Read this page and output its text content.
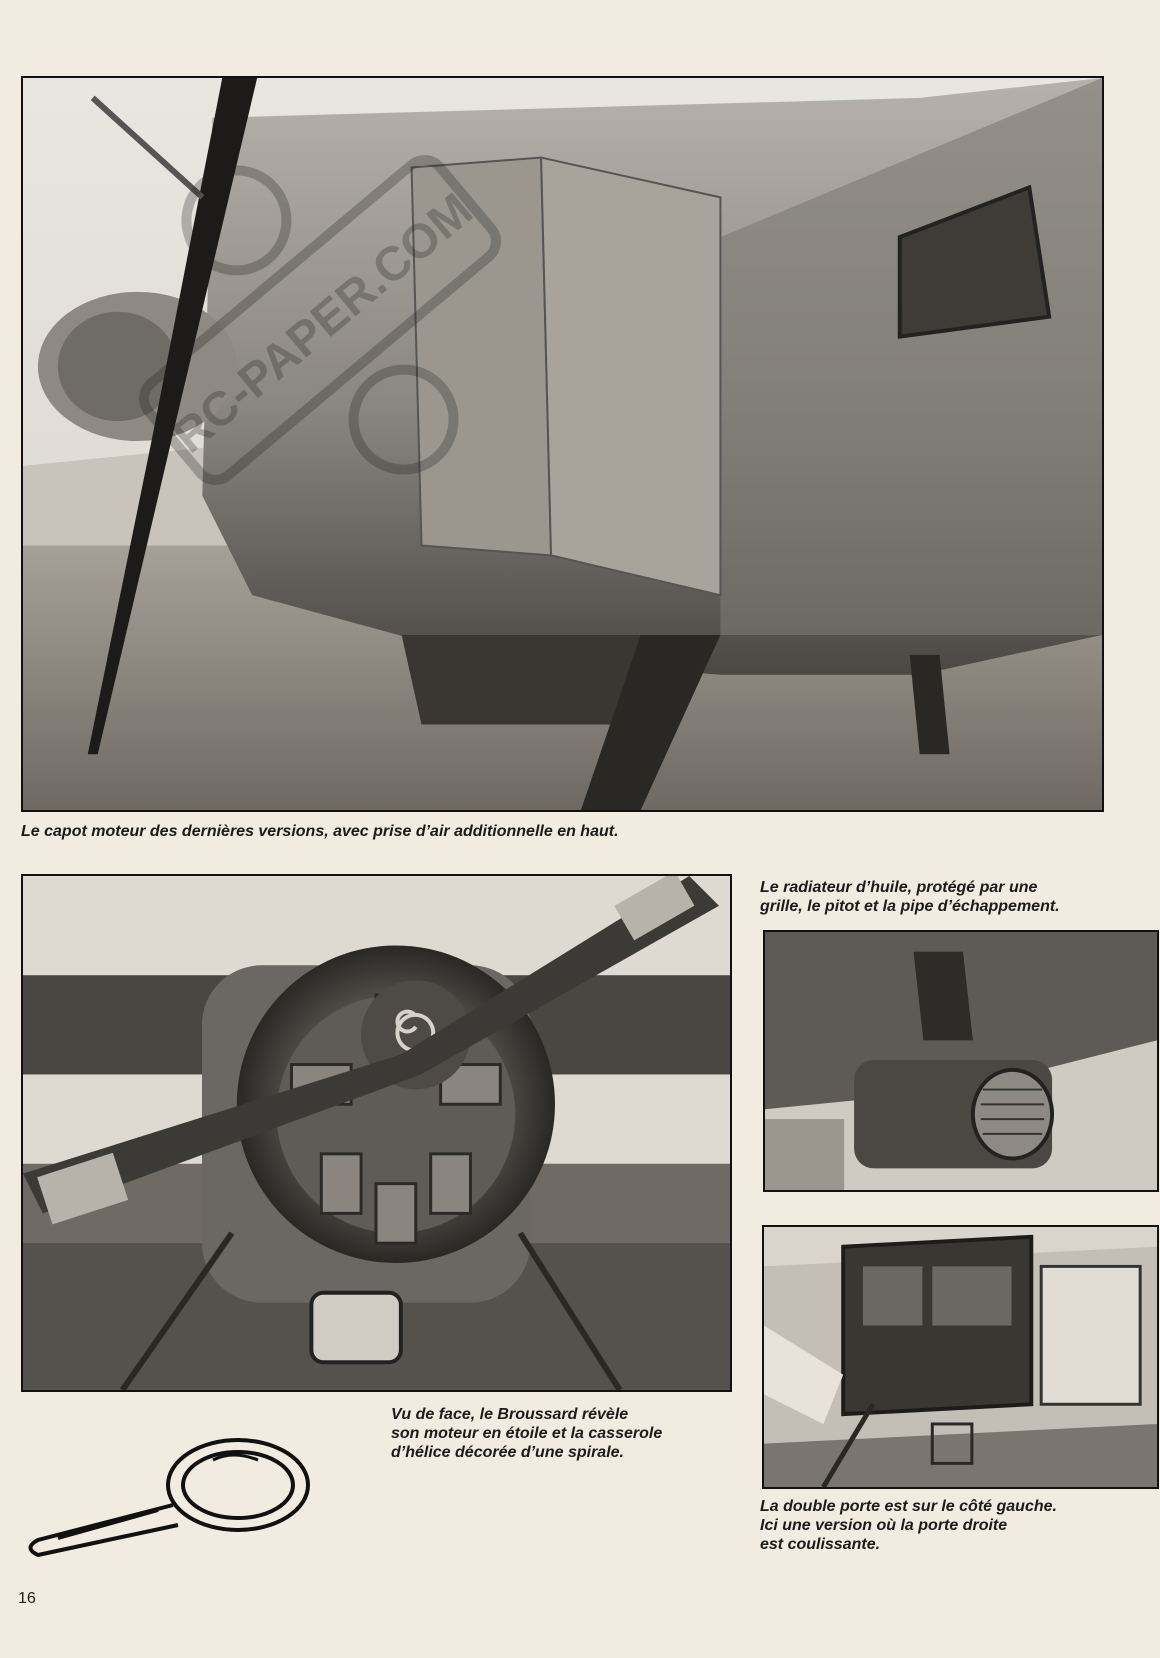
RC-PAPER.COM
Le capot moteur des dernières versions, avec prise d’air additionnelle en haut.
Vu de face, le Broussard révèle
son moteur en étoile et la casserole
d’hélice décorée d’une spirale.
Le radiateur d’huile, protégé par une
grille, le pitot et la pipe d’échappement.
La double porte est sur le côté gauche.
Ici une version où la porte droite
est coulissante.
16
